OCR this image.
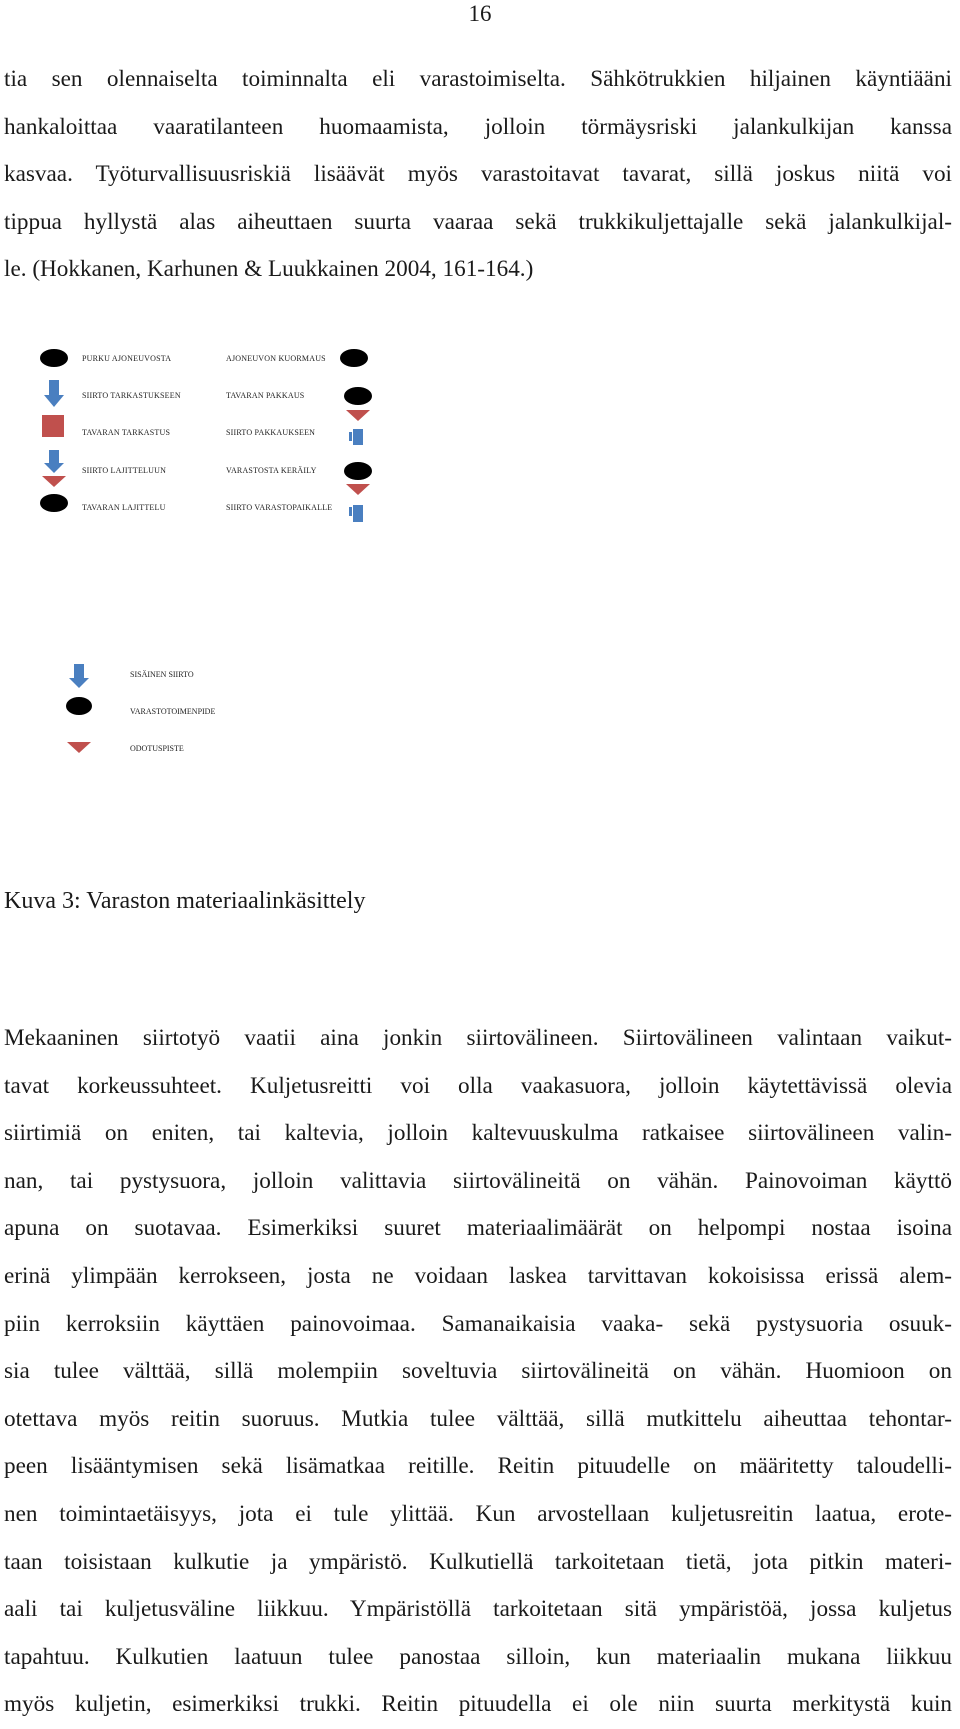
16
tia sen olennaiselta toiminnalta eli varastoimiselta. Sähkötrukkien hiljainen käyntiääni
hankaloittaa vaaratilanteen huomaamista, jolloin törmäysriski jalankulkijan kanssa
kasvaa. Työturvallisuusriskiä lisäävät myös varastoitavat tavarat, sillä joskus niitä voi
tippua hyllystä alas aiheuttaen suurta vaaraa sekä trukkikuljettajalle sekä jalankulkijal-
le. (Hokkanen, Karhunen & Luukkainen 2004, 161-164.)
PURKU AJONEUVOSTA
SIIRTO TARKASTUKSEEN
TAVARAN TARKASTUS
SIIRTO LAJITTELUUN
TAVARAN LAJITTELU
AJONEUVON KUORMAUS
TAVARAN PAKKAUS
SIIRTO PAKKAUKSEEN
VARASTOSTA KERÄILY
SIIRTO VARASTOPAIKALLE
SISÄINEN SIIRTO
VARASTOTOIMENPIDE
ODOTUSPISTE
Kuva 3: Varaston materiaalinkäsittely
Mekaaninen siirtotyö vaatii aina jonkin siirtovälineen. Siirtovälineen valintaan vaikut-
tavat korkeussuhteet. Kuljetusreitti voi olla vaakasuora, jolloin käytettävissä olevia
siirtimiä on eniten, tai kaltevia, jolloin kaltevuuskulma ratkaisee siirtovälineen valin-
nan, tai pystysuora, jolloin valittavia siirtovälineitä on vähän. Painovoiman käyttö
apuna on suotavaa. Esimerkiksi suuret materiaalimäärät on helpompi nostaa isoina
erinä ylimpään kerrokseen, josta ne voidaan laskea tarvittavan kokoisissa erissä alem-
piin kerroksiin käyttäen painovoimaa. Samanaikaisia vaaka- sekä pystysuoria osuuk-
sia tulee välttää, sillä molempiin soveltuvia siirtovälineitä on vähän. Huomioon on
otettava myös reitin suoruus. Mutkia tulee välttää, sillä mutkittelu aiheuttaa tehontar-
peen lisääntymisen sekä lisämatkaa reitille. Reitin pituudelle on määritetty taloudelli-
nen toimintaetäisyys, jota ei tule ylittää. Kun arvostellaan kuljetusreitin laatua, erote-
taan toisistaan kulkutie ja ympäristö. Kulkutiellä tarkoitetaan tietä, jota pitkin materi-
aali tai kuljetusväline liikkuu. Ympäristöllä tarkoitetaan sitä ympäristöä, jossa kuljetus
tapahtuu. Kulkutien laatuun tulee panostaa silloin, kun materiaalin mukana liikkuu
myös kuljetin, esimerkiksi trukki. Reitin pituudella ei ole niin suurta merkitystä kuin
